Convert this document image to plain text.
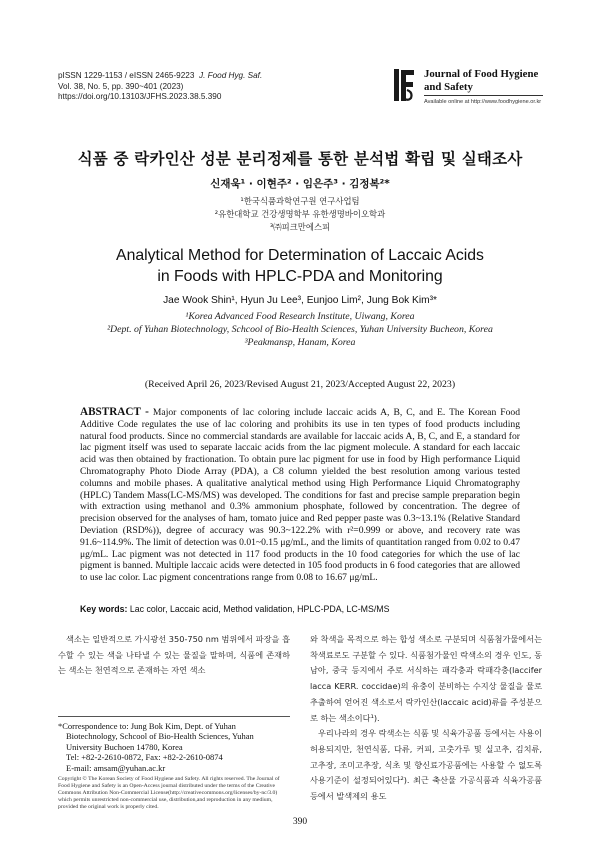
pISSN 1229-1153 / eISSN 2465-9223 J. Food Hyg. Saf.
Vol. 38, No. 5, pp. 390~401 (2023)
https://doi.org/10.13103/JFHS.2023.38.5.390
Journal of Food Hygiene
and Safety
Available online at http://www.foodhygiene.or.kr
식품 중 락카인산 성분 분리정제를 통한 분석법 확립 및 실태조사
신재욱¹ · 이현주² · 임은주³ · 김정복²*
¹한국식품과학연구원 연구사업팀
²유한대학교 건강생명학부 유한생명바이오학과
³㈜피크만에스피
Analytical Method for Determination of Laccaic Acids
in Foods with HPLC-PDA and Monitoring
Jae Wook Shin¹, Hyun Ju Lee³, Eunjoo Lim², Jung Bok Kim³*
¹Korea Advanced Food Research Institute, Uiwang, Korea
²Dept. of Yuhan Biotechnology, Schcool of Bio-Health Sciences, Yuhan University Bucheon, Korea
³Peakmansp, Hanam, Korea
(Received April 26, 2023/Revised August 21, 2023/Accepted August 22, 2023)
ABSTRACT - Major components of lac coloring include laccaic acids A, B, C, and E. The Korean Food Additive Code regulates the use of lac coloring and prohibits its use in ten types of food products including natural food products. Since no commercial standards are available for laccaic acids A, B, C, and E, a standard for lac pigment itself was used to separate laccaic acids from the lac pigment molecule. A standard for each laccaic acid was then obtained by fractionation. To obtain pure lac pigment for use in food by High performance Liquid Chromatography Photo Diode Array (PDA), a C8 column yielded the best resolution among various tested columns and mobile phases. A qualitative analytical method using High Performance Liquid Chromatography (HPLC) Tandem Mass(LC-MS/MS) was developed. The conditions for fast and precise sample preparation begin with extraction using methanol and 0.3% ammonium phosphate, followed by concentration. The degree of precision observed for the analyses of ham, tomato juice and Red pepper paste was 0.3~13.1% (Relative Standard Deviation (RSD%)), degree of accuracy was 90.3~122.2% with r²=0.999 or above, and recovery rate was 91.6~114.9%. The limit of detection was 0.01~0.15 μg/mL, and the limits of quantitation ranged from 0.02 to 0.47 μg/mL. Lac pigment was not detected in 117 food products in the 10 food categories for which the use of lac pigment is banned. Multiple laccaic acids were detected in 105 food products in 6 food categories that are allowed to use lac color. Lac pigment concentrations range from 0.08 to 16.67 μg/mL.
Key words: Lac color, Laccaic acid, Method validation, HPLC-PDA, LC-MS/MS

색소는 일반적으로 가시광선 350-750 nm 범위에서 파장을 흡수할 수 있는 색을 나타낼 수 있는 물질을 말하며, 식품에 존재하는 색소는 천연적으로 존재하는 자연 색소

와 착색을 목적으로 하는 합성 색소로 구분되며 식품첨가물에서는 착색료로도 구분할 수 있다. 식품첨가물인 락색소의 경우 인도, 동남아, 중국 등지에서 주로 서식하는 패각충과 락패각충(laccifer lacca KERR. coccidae)의 유충이 분비하는 수지상 물질을 물로 추출하여 얻어진 색소로서 락카인산(laccaic acid)류를 주성분으로 하는 색소이다¹).

우리나라의 경우 락색소는 식품 및 식육가공품 등에서는 사용이 허용되지만, 천연식품, 다류, 커피, 고춧가루 및 실고추, 김치류, 고추장, 조미고추장, 식초 및 향신료가공품에는 사용할 수 없도록 사용기준이 설정되어있다²). 최근 축산물 가공식품과 식육가공품 등에서 발색제의 용도

*Correspondence to: Jung Bok Kim, Dept. of Yuhan
Biotechnology, Schcool of Bio-Health Sciences, Yuhan
University Buchoen 14780, Korea
Tel: +82-2-2610-0872, Fax: +82-2-2610-0874
E-mail: amsam@yuhan.ac.kr
Copyright © The Korean Society of Food Hygiene and Safety. All rights reserved. The Journal of Food Hygiene and Safety is an Open-Access journal distributed under the terms of the Creative Commons Attribution Non-Commercial License(http://creativecommons.org/licenses/by-nc/3.0) which permits unrestricted non-commercial use, distribution,and reproduction in any medium, provided the original work is properly cited.
390
